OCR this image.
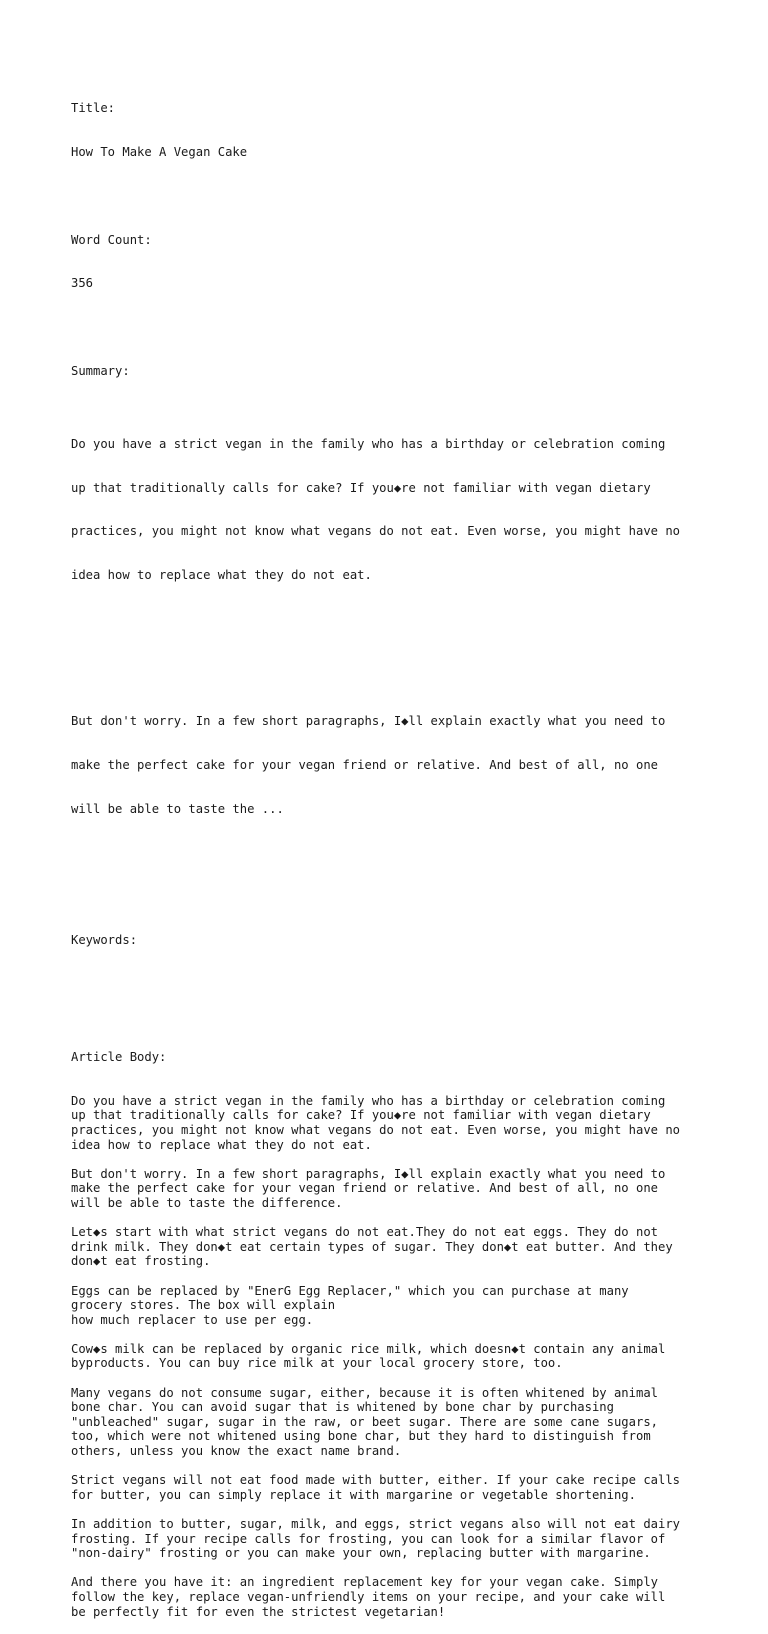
Title:

How To Make A Vegan Cake

Word Count:

356

Summary:

Do you have a strict vegan in the family who has a birthday or celebration coming

up that traditionally calls for cake? If you◆re not familiar with vegan dietary

practices, you might not know what vegans do not eat. Even worse, you might have no

idea how to replace what they do not eat.

But don't worry. In a few short paragraphs, I◆ll explain exactly what you need to

make the perfect cake for your vegan friend or relative. And best of all, no one

will be able to taste the ...

Keywords:

Article Body:

Do you have a strict vegan in the family who has a birthday or celebration coming
up that traditionally calls for cake? If you◆re not familiar with vegan dietary
practices, you might not know what vegans do not eat. Even worse, you might have no
idea how to replace what they do not eat.
But don't worry. In a few short paragraphs, I◆ll explain exactly what you need to
make the perfect cake for your vegan friend or relative. And best of all, no one
will be able to taste the difference.
Let◆s start with what strict vegans do not eat.They do not eat eggs. They do not
drink milk. They don◆t eat certain types of sugar. They don◆t eat butter. And they
don◆t eat frosting.
Eggs can be replaced by "EnerG Egg Replacer," which you can purchase at many
grocery stores. The box will explain
how much replacer to use per egg.
Cow◆s milk can be replaced by organic rice milk, which doesn◆t contain any animal
byproducts. You can buy rice milk at your local grocery store, too.
Many vegans do not consume sugar, either, because it is often whitened by animal
bone char. You can avoid sugar that is whitened by bone char by purchasing
"unbleached" sugar, sugar in the raw, or beet sugar. There are some cane sugars,
too, which were not whitened using bone char, but they hard to distinguish from
others, unless you know the exact name brand.
Strict vegans will not eat food made with butter, either. If your cake recipe calls
for butter, you can simply replace it with margarine or vegetable shortening.
In addition to butter, sugar, milk, and eggs, strict vegans also will not eat dairy
frosting. If your recipe calls for frosting, you can look for a similar flavor of
"non-dairy" frosting or you can make your own, replacing butter with margarine.
And there you have it: an ingredient replacement key for your vegan cake. Simply
follow the key, replace vegan-unfriendly items on your recipe, and your cake will
be perfectly fit for even the strictest vegetarian!
